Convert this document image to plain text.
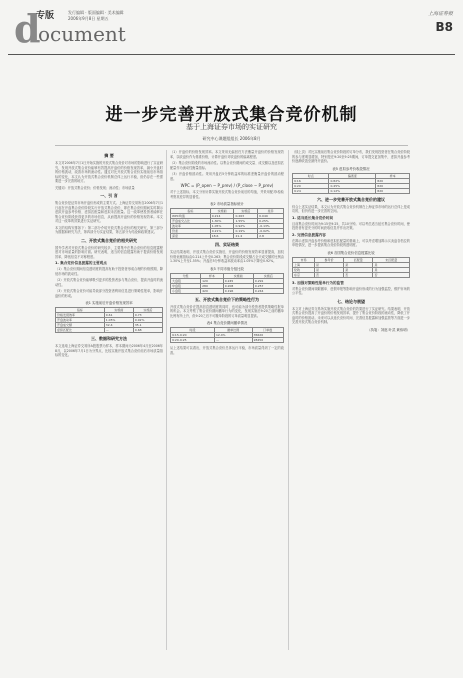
d
专版	发行编辑 · 版面编辑 · 美术编辑
2006年9月8日 星期五
ocument
上海证券报
B8
进一步完善开放式集合竞价机制
基于上海证券市场的实证研究
研究中心课题组组长 2006年8月
摘 要
本文对2006年7月1日开始实施的开放式集合竞价对市场的影响进行了实证研究，发现开放式集合竞价能够有效提高开盘价的价格发现效率，减小开盘时的价格波动，改善市场的流动性。通过对比开放式集合竞价实施前后市场指标的变化，本文认为开放式集合竞价机制总体上运行平稳，但仍存在一些需要进一步完善的地方。
关键词：开放式集合竞价；价格发现；流动性；市场质量
一、引 言
集合竞价是证券市场开盘价形成的主要方式。上海证券交易所自2006年7月1日起在开盘集合竞价阶段实行开放式集合竞价，即在集合竞价期间实时揭示虚拟开盘参考价格、虚拟匹配量和虚拟未匹配量。这一改革使投资者能够在集合竞价阶段获得更多的市场信息，从而提高开盘价的价格发现效率。本文对这一改革的效果进行实证研究。
本文的结构安排如下：第二部分介绍开放式集合竞价的相关研究，第三部分为数据和研究方法，第四部分为实证结果，第五部分为结论和政策建议。
二、开放式集合竞价的相关研究
国外学者对开放式集合竞价的研究较多，主要集中在集合竞价的信息披露程度对市场质量的影响方面。研究表明，适当的信息披露有助于提高价格发现效率，降低信息不对称程度。
1. 集合竞价信息披露的主要观点
（1）集合竞价期间信息透明度的提高有助于投资者形成合理的价格预期，降低市场的波动性。
（2）开放式集合竞价能够吸引更多的投资者参与集合竞价，提高开盘时的流动性。
（3）开放式集合竞价可能导致部分投资者利用信息进行策略性报单，影响开盘价的形成。
表1 实施前后开盘价格发现效率
指标	实施前	实施后
价格发现效率	0.61	0.73
开盘波动率	1.05%	0.92%
开盘成交额	32.4	35.1
虚拟匹配比	—	0.68
三、数据和研究方法
本文选取上海证券交易所A股股票为样本，样本期间为2006年4月至2006年8月，以2006年7月1日为分界点，比较实施开放式集合竞价前后市场质量指标的变化。
（1）开盘价的价格发现效率。本文采用无偏回归方法衡量开盘价的价格发现效率，以收盘价作为基准价格，计算开盘价对收盘价的偏离程度。
（2）集合竞价阶段的市场流动性。以集合竞价期间的成交量、成交额以及虚拟匹配量作为流动性衡量指标。
（3）开盘价格波动性。采用开盘后5分钟收益率的标准差衡量开盘价的波动程度。
WPC = (P_open − P_prev) / (P_close − P_prev)
对于上述指标，本文分别计算实施开放式集合竞价前后的均值，并采用配对t检验考察其差异的显著性。
表2 市场质量指标统计
指标	实施前	实施后	差异
WPC均值	0.214	0.263	0.049
开盘成交占比	1.30%	1.55%	0.25%
波动率	1.05%	0.92%	-0.13%
价差	0.21%	0.19%	-0.02%
深度	18.6	21.4	2.8
四、实证结果
实证结果表明，开放式集合竞价实施后，开盘价的价格发现效率显著提高，加权价格贡献指标由0.214上升至0.263；集合竞价阶段成交额占全天成交额的比例由1.30%上升至1.55%；开盘后5分钟收益率波动率由1.05%下降至0.92%。
表3 不同市值分组比较
分组	样本	实施前	实施后
大盘股	120	0.245	0.291
中盘股	280	0.208	0.257
小盘股	420	0.196	0.244
五、开放式集合竞价下的策略性行为
开放式集合竞价在提高信息透明度的同时，也可能为部分投资者提供策略性报单的机会。本文考察了集合竞价期间撤单行为的变化，发现实施后9:20之前的撤单比例有所上升，但9:20之后不可撤单阶段的订单质量明显提高。
表4 集合竞价期间撤单情况
时段	撤单比例	订单数
9:15-9:20	12.4%	35620
9:20-9:25	—	28450
从上述结果可以看出，开放式集合竞价总体运行平稳，市场质量得到了一定的改善。
（续上页）对比实施前后集合竞价阶段的订单分布，我们发现投资者在集合竞价阶段的参与度明显增加，特别是在9:20至9:25期间，订单提交更加集中，虚拟开盘参考价逐渐收敛至最终开盘价。
表5 虚拟参考价收敛情况
时点	偏离度	样本
9:16	0.82%	820
9:20	0.45%	820
9:24	0.12%	820
六、进一步完善开放式集合竞价的建议
综合上述实证结果，本文认为开放式集合竞价机制在上海证券市场的运行总体上是成功的，但仍有进一步完善的空间。
1. 适当延长集合竞价时间
目前集合竞价时间为9:15至9:25，共10分钟。可以考虑适当延长集合竞价时间，使投资者有更充分的时间获取信息并作出决策。
2. 完善信息披露内容
在揭示虚拟开盘参考价格和虚拟匹配量的基础上，可以考虑增加揭示买卖盘各档位的申报情况，进一步提高集合竞价阶段的透明度。
表6 各国集合竞价信息披露比较
市场	参考价	匹配量	未匹配量
上海	是	是	是
伦敦	是	是	是
东京	否	否	否
3. 加强对策略性报单行为的监管
对集合竞价期间频繁撤单、虚假申报等影响开盘价形成的行为加强监控，维护市场的公平性。
七、结论与展望
本文对上海证券交易所实施开放式集合竞价的效果进行了实证研究。结果表明，开放式集合竞价提高了开盘价的价格发现效率，提升了集合竞价阶段的流动性，降低了开盘时的价格波动。未来可以从延长竞价时间、完善信息披露和加强监管等方面进一步完善开放式集合竞价机制。
（执笔：刘逖 叶武 黄伟明）
